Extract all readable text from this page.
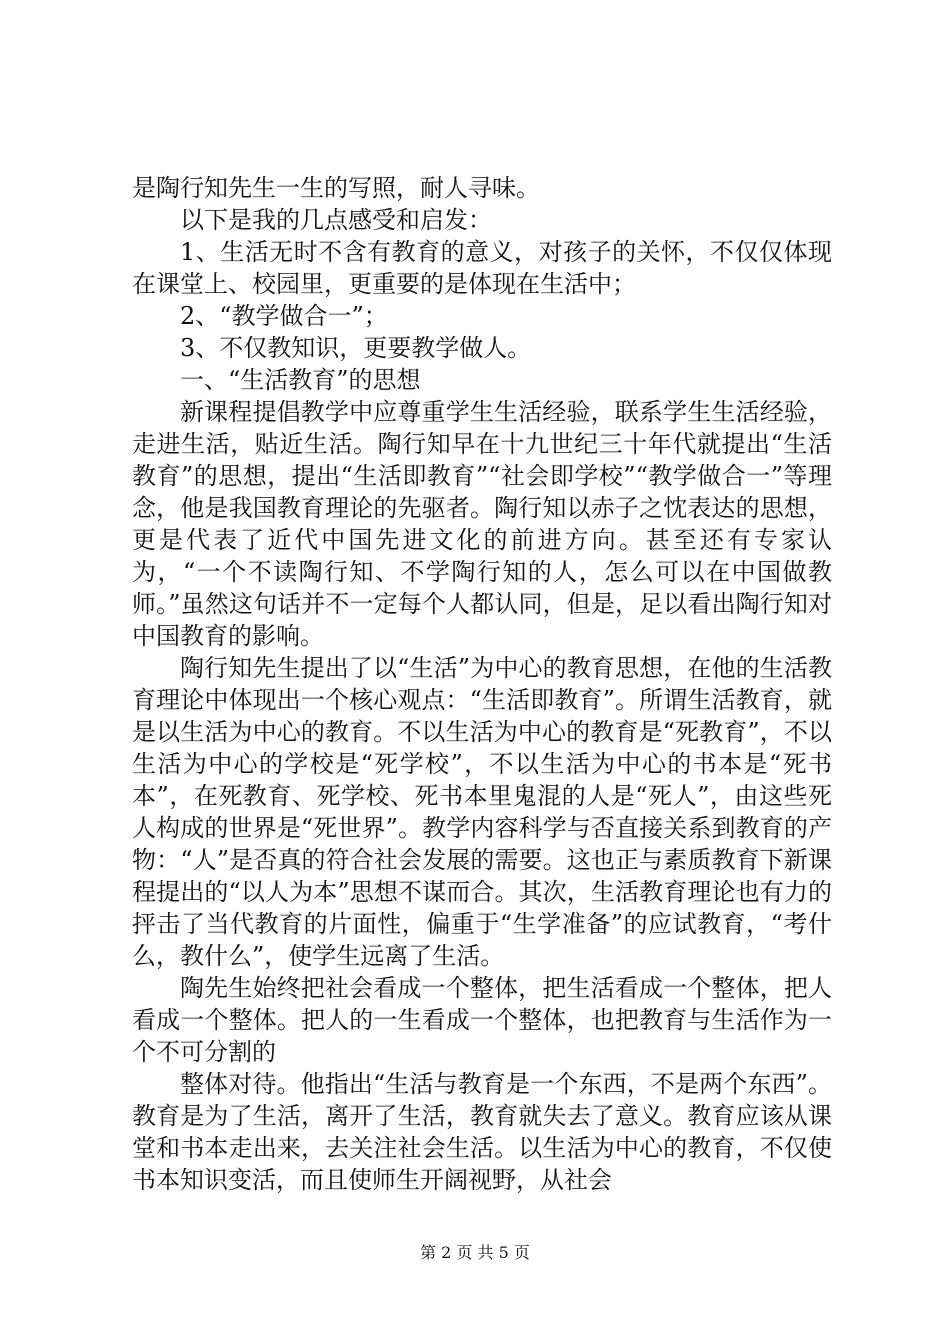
是陶行知先生一生的写照，耐人寻味。

以下是我的几点感受和启发：

1、生活无时不含有教育的意义，对孩子的关怀，不仅仅体现在课堂上、校园里，更重要的是体现在生活中；

2、“教学做合一”；

3、不仅教知识，更要教学做人。

一、“生活教育”的思想

新课程提倡教学中应尊重学生生活经验，联系学生生活经验，走进生活，贴近生活。陶行知早在十九世纪三十年代就提出“生活教育”的思想，提出“生活即教育”“社会即学校”“教学做合一”等理念，他是我国教育理论的先驱者。陶行知以赤子之忱表达的思想，更是代表了近代中国先进文化的前进方向。甚至还有专家认为，“一个不读陶行知、不学陶行知的人，怎么可以在中国做教师。”虽然这句话并不一定每个人都认同，但是，足以看出陶行知对中国教育的影响。

陶行知先生提出了以“生活”为中心的教育思想，在他的生活教育理论中体现出一个核心观点：“生活即教育”。所谓生活教育，就是以生活为中心的教育。不以生活为中心的教育是“死教育”，不以生活为中心的学校是“死学校”，不以生活为中心的书本是“死书本”，在死教育、死学校、死书本里鬼混的人是“死人”，由这些死人构成的世界是“死世界”。教学内容科学与否直接关系到教育的产物：“人”是否真的符合社会发展的需要。这也正与素质教育下新课程提出的“以人为本”思想不谋而合。其次，生活教育理论也有力的抨击了当代教育的片面性，偏重于“生学准备”的应试教育，“考什么，教什么”，使学生远离了生活。

陶先生始终把社会看成一个整体，把生活看成一个整体，把人看成一个整体。把人的一生看成一个整体，也把教育与生活作为一个不可分割的

整体对待。他指出“生活与教育是一个东西，不是两个东西”。教育是为了生活，离开了生活，教育就失去了意义。教育应该从课堂和书本走出来，去关注社会生活。以生活为中心的教育，不仅使书本知识变活，而且使师生开阔视野，从社会

第 2 页 共 5 页
